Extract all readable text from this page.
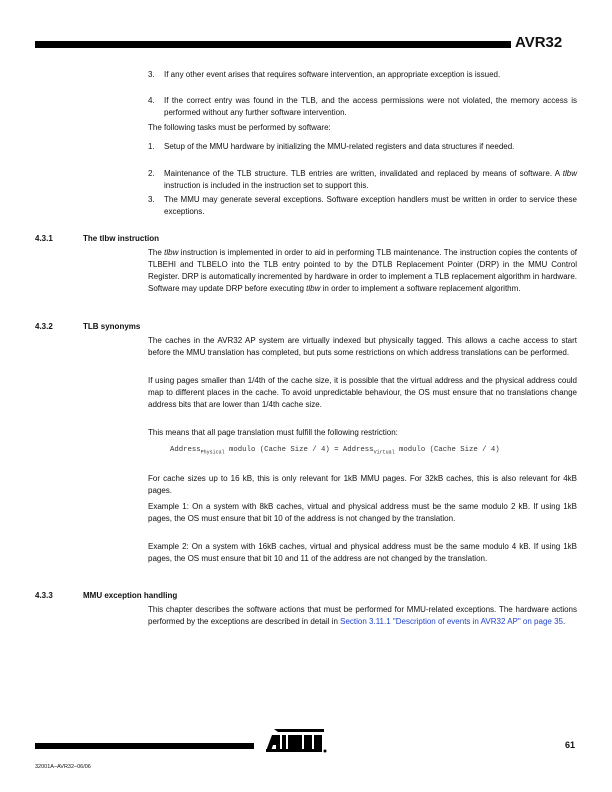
AVR32
3. If any other event arises that requires software intervention, an appropriate exception is issued.
4. If the correct entry was found in the TLB, and the access permissions were not violated, the memory access is performed without any further software intervention.
The following tasks must be performed by software:
1. Setup of the MMU hardware by initializing the MMU-related registers and data structures if needed.
2. Maintenance of the TLB structure. TLB entries are written, invalidated and replaced by means of software. A tlbw instruction is included in the instruction set to support this.
3. The MMU may generate several exceptions. Software exception handlers must be written in order to service these exceptions.
4.3.1	The tlbw instruction
The tlbw instruction is implemented in order to aid in performing TLB maintenance. The instruction copies the contents of TLBEHI and TLBELO into the TLB entry pointed to by the DTLB Replacement Pointer (DRP) in the MMU Control Register. DRP is automatically incremented by hardware in order to implement a TLB replacement algorithm in hardware. Software may update DRP before executing tlbw in order to implement a software replacement algorithm.
4.3.2	TLB synonyms
The caches in the AVR32 AP system are virtually indexed but physically tagged. This allows a cache access to start before the MMU translation has completed, but puts some restrictions on which address translations can be performed.
If using pages smaller than 1/4th of the cache size, it is possible that the virtual address and the physical address could map to different places in the cache. To avoid unpredictable behaviour, the OS must ensure that no translations change address bits that are lower than 1/4th cache size.
This means that all page translation must fulfill the following restriction:
Address$_{Physical}$ modulo (Cache Size / 4) = Address$_{Virtual}$ modulo (Cache Size / 4)
For cache sizes up to 16 kB, this is only relevant for 1kB MMU pages. For 32kB caches, this is also relevant for 4kB pages.
Example 1: On a system with 8kB caches, virtual and physical address must be the same modulo 2 kB. If using 1kB pages, the OS must ensure that bit 10 of the address is not changed by the translation.
Example 2: On a system with 16kB caches, virtual and physical address must be the same modulo 4 kB. If using 1kB pages, the OS must ensure that bit 10 and 11 of the address are not changed by the translation.
4.3.3	MMU exception handling
This chapter describes the software actions that must be performed for MMU-related exceptions. The hardware actions performed by the exceptions are described in detail in Section 3.11.1 "Description of events in AVR32 AP" on page 35.
61
32001A–AVR32–06/06
